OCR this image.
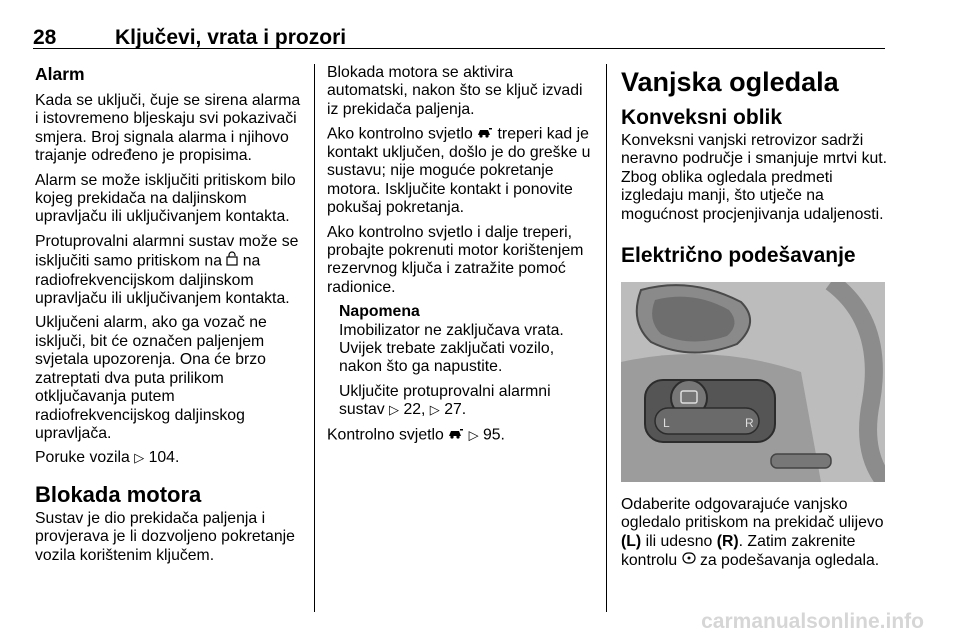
28	Ključevi, vrata i prozori
Alarm

Kada se uključi, čuje se sirena alarma i istovremeno bljeskaju svi pokazivači smjera. Broj signala alarma i njihovo trajanje određeno je propisima.

Alarm se može isključiti pritiskom bilo kojeg prekidača na daljinskom upravljaču ili uključivanjem kontakta.

Protuprovalni alarmni sustav može se isključiti samo pritiskom na na radiofrekvencijskom daljinskom upravljaču ili uključivanjem kontakta.

Uključeni alarm, ako ga vozač ne isključi, bit će označen paljenjem svjetala upozorenja. Ona će brzo zatreptati dva puta prilikom otključavanja putem radiofrekvencijskog daljinskog upravljača.

Poruke vozila ▷ 104.

Blokada motora

Sustav je dio prekidača paljenja i provjerava je li dozvoljeno pokretanje vozila korištenim ključem.

Blokada motora se aktivira automatski, nakon što se ključ izvadi iz prekidača paljenja.

Ako kontrolno svjetlo treperi kad je kontakt uključen, došlo je do greške u sustavu; nije moguće pokretanje motora. Isključite kontakt i ponovite pokušaj pokretanja.

Ako kontrolno svjetlo i dalje treperi, probajte pokrenuti motor korištenjem rezervnog ključa i zatražite pomoć radionice.

Napomena

Imobilizator ne zaključava vrata. Uvijek trebate zaključati vozilo, nakon što ga napustite.

Uključite protuprovalni alarmni sustav ▷ 22, ▷ 27.

Kontrolno svjetlo ▷ 95.

Vanjska ogledala
Konveksni oblik

Konveksni vanjski retrovizor sadrži neravno područje i smanjuje mrtvi kut. Zbog oblika ogledala predmeti izgledaju manji, što utječe na mogućnost procjenjivanja udaljenosti.

Električno podešavanje
L	R

Odaberite odgovarajuće vanjsko ogledalo pritiskom na prekidač ulijevo (L) ili udesno (R). Zatim zakrenite kontrolu za podešavanja ogledala.

carmanualsonline.info
